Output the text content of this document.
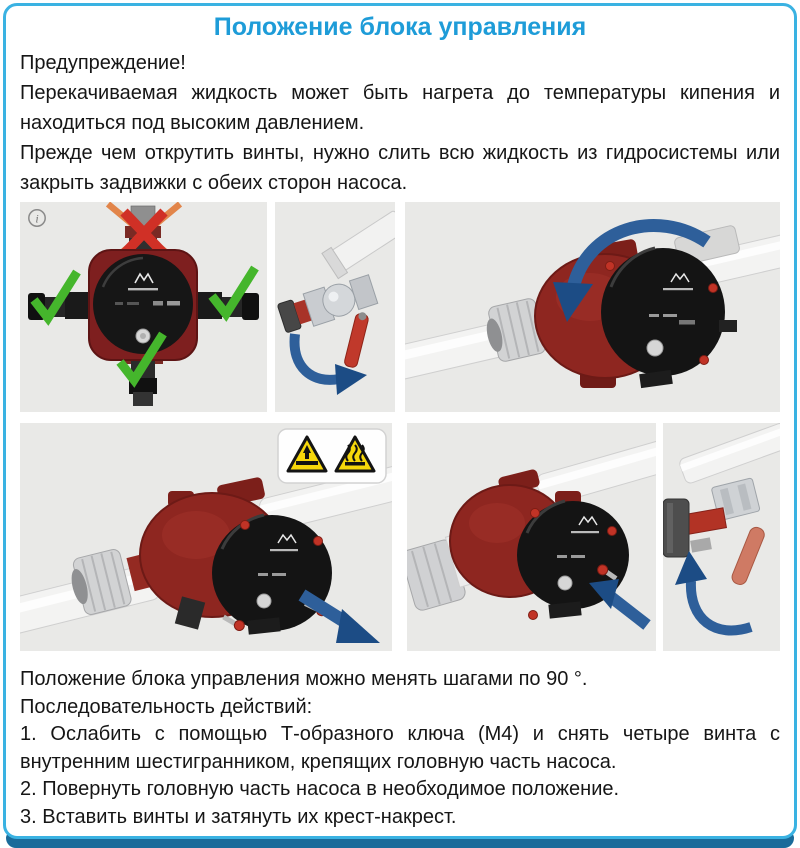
Положение блока управления

Предупреждение!

Перекачиваемая жидкость может быть нагрета до температуры кипения и находиться под высоким давлением.

Прежде чем открутить винты, нужно слить всю жидкость из гидросистемы или закрыть задвижки с обеих сторон насоса.

i

Положение блока управления можно менять шагами по 90 °.

Последовательность действий:

1. Ослабить с помощью Т-образного ключа (М4) и снять четыре винта с внутренним шестигранником, крепящих головную часть насоса.

2. Повернуть головную часть насоса в необходимое положение.

3. Вставить винты и затянуть их крест-накрест.
